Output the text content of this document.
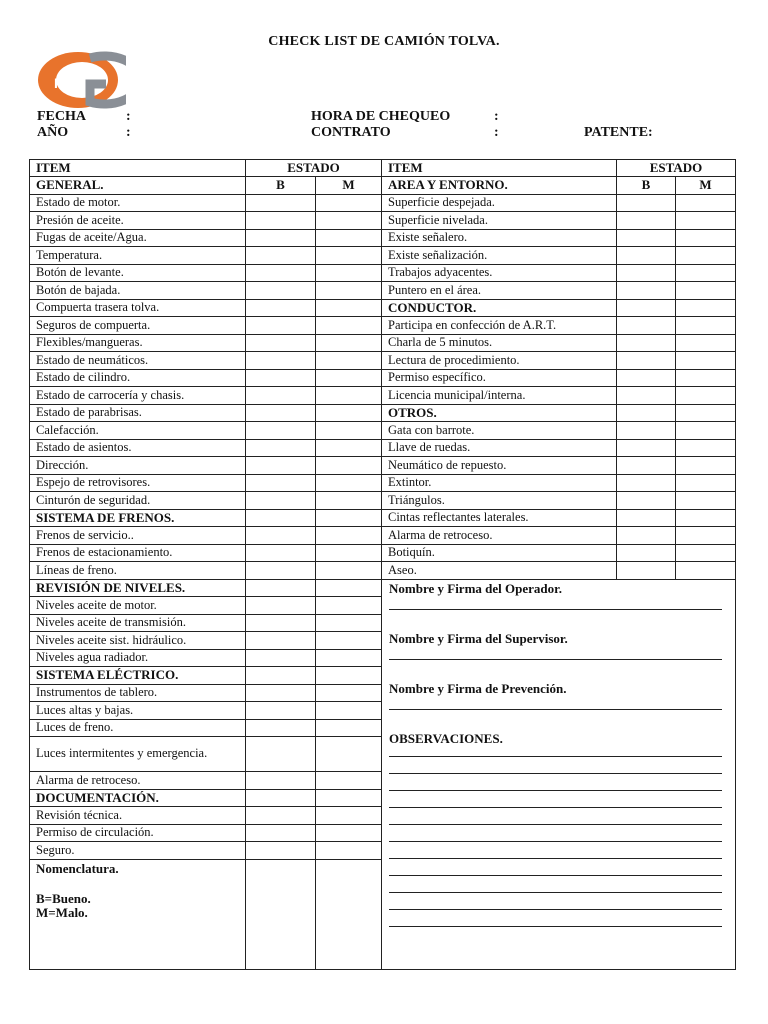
CHECK LIST DE CAMIÓN TOLVA.
F
FECHA	:
AÑO	:
HORA DE CHEQUEO	:
CONTRATO	:	PATENTE:
ITEM	ESTADO		ITEM	ESTADO	
GENERAL.	B	M	AREA Y ENTORNO.	B	M
Estado de motor.			Superficie despejada.		
Presión de aceite.			Superficie nivelada.		
Fugas de aceite/Agua.			Existe señalero.		
Temperatura.			Existe señalización.		
Botón de levante.			Trabajos adyacentes.		
Botón de bajada.			Puntero en el área.		
Compuerta trasera tolva.			CONDUCTOR.		
Seguros de compuerta.			Participa en confección de A.R.T.		
Flexibles/mangueras.			Charla de 5 minutos.		
Estado de neumáticos.			Lectura de procedimiento.		
Estado de cilindro.			Permiso específico.		
Estado de carrocería y chasis.			Licencia municipal/interna.		
Estado de parabrisas.			OTROS.		
Calefacción.			Gata con barrote.		
Estado de asientos.			Llave de ruedas.		
Dirección.			Neumático de repuesto.		
Espejo de retrovisores.			Extintor.		
Cinturón de seguridad.			Triángulos.		
SISTEMA DE FRENOS.			Cintas reflectantes laterales.		
Frenos de servicio..			Alarma de retroceso.		
Frenos de estacionamiento.			Botiquín.		
Líneas de freno.			Aseo.		
REVISIÓN DE NIVELES.			Nombre y Firma del Operador.
Nombre y Firma del Supervisor.
Nombre y Firma de Prevención.
OBSERVACIONES.		

Niveles aceite de motor.					
Niveles aceite de transmisión.					
Niveles aceite sist. hidráulico.					
Niveles agua radiador.					
SISTEMA ELÉCTRICO.					
Instrumentos de tablero.					
Luces altas y bajas.					
Luces de freno.					
Luces intermitentes y emergencia.					
Alarma de retroceso.					
DOCUMENTACIÓN.					
Revisión técnica.					
Permiso de circulación.					
Seguro.					

Nomenclatura.
B=Bueno.
M=Malo.					
